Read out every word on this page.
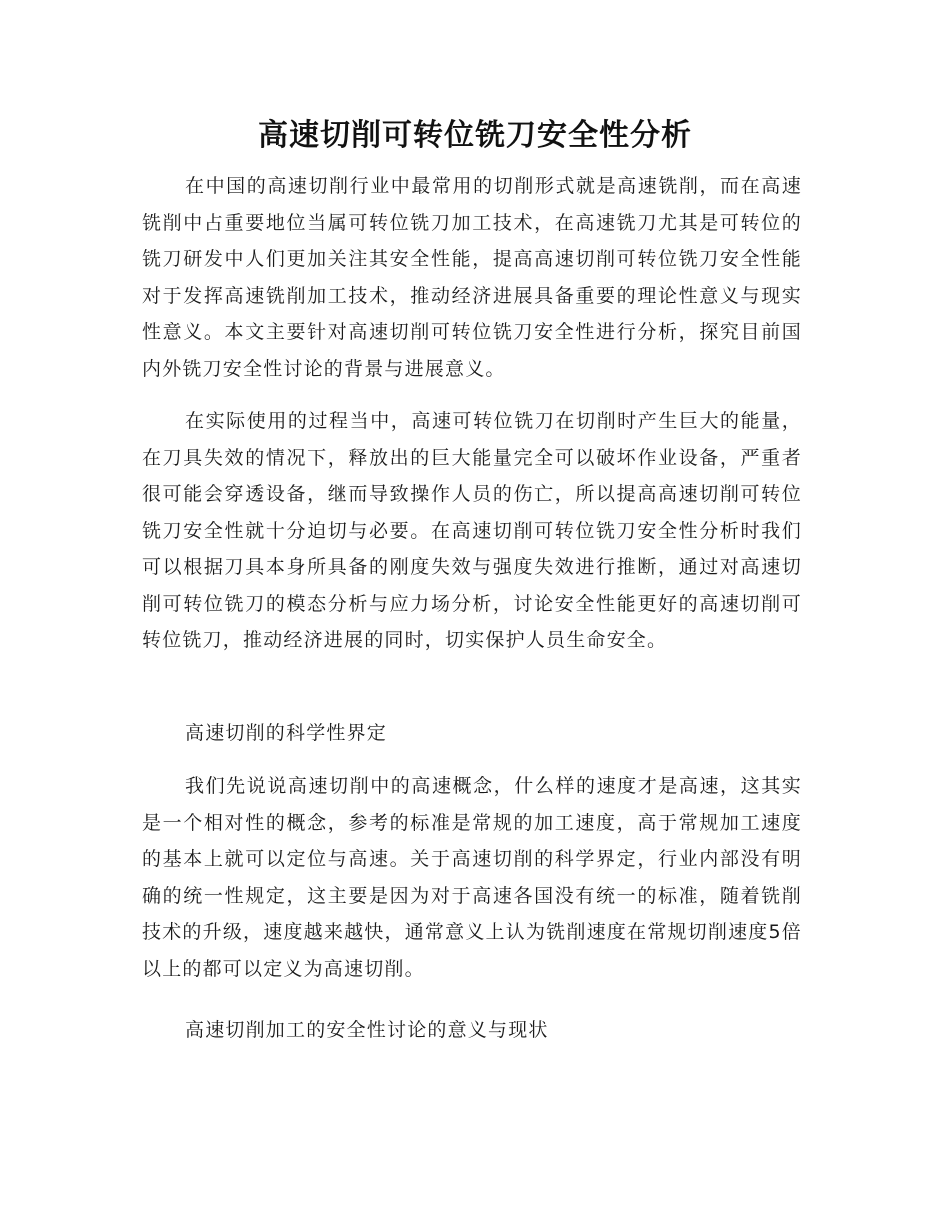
高速切削可转位铣刀安全性分析

在中国的高速切削行业中最常用的切削形式就是高速铣削，而在高速铣削中占重要地位当属可转位铣刀加工技术，在高速铣刀尤其是可转位的铣刀研发中人们更加关注其安全性能，提高高速切削可转位铣刀安全性能对于发挥高速铣削加工技术，推动经济进展具备重要的理论性意义与现实性意义。本文主要针对高速切削可转位铣刀安全性进行分析，探究目前国内外铣刀安全性讨论的背景与进展意义。

在实际使用的过程当中，高速可转位铣刀在切削时产生巨大的能量，在刀具失效的情况下，释放出的巨大能量完全可以破坏作业设备，严重者很可能会穿透设备，继而导致操作人员的伤亡，所以提高高速切削可转位铣刀安全性就十分迫切与必要。在高速切削可转位铣刀安全性分析时我们可以根据刀具本身所具备的刚度失效与强度失效进行推断，通过对高速切削可转位铣刀的模态分析与应力场分析，讨论安全性能更好的高速切削可转位铣刀，推动经济进展的同时，切实保护人员生命安全。

高速切削的科学性界定

我们先说说高速切削中的高速概念，什么样的速度才是高速，这其实是一个相对性的概念，参考的标准是常规的加工速度，高于常规加工速度的基本上就可以定位与高速。关于高速切削的科学界定，行业内部没有明确的统一性规定，这主要是因为对于高速各国没有统一的标准，随着铣削技术的升级，速度越来越快，通常意义上认为铣削速度在常规切削速度5倍以上的都可以定义为高速切削。

高速切削加工的安全性讨论的意义与现状
